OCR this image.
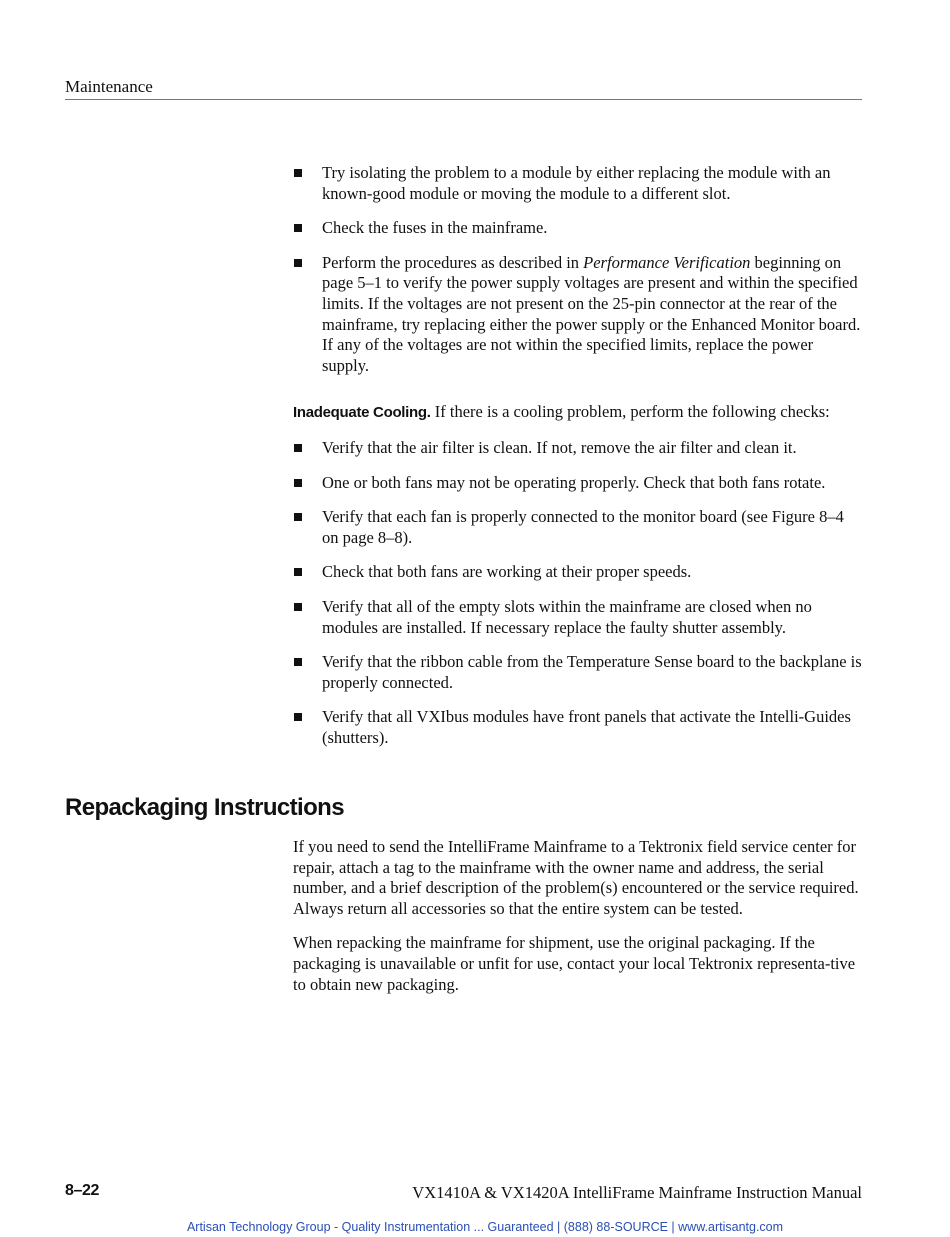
Maintenance
Try isolating the problem to a module by either replacing the module with an known-good module or moving the module to a different slot.
Check the fuses in the mainframe.
Perform the procedures as described in Performance Verification beginning on page 5–1 to verify the power supply voltages are present and within the specified limits. If the voltages are not present on the 25-pin connector at the rear of the mainframe, try replacing either the power supply or the Enhanced Monitor board. If any of the voltages are not within the specified limits, replace the power supply.
Inadequate Cooling. If there is a cooling problem, perform the following checks:
Verify that the air filter is clean. If not, remove the air filter and clean it.
One or both fans may not be operating properly. Check that both fans rotate.
Verify that each fan is properly connected to the monitor board (see Figure 8–4 on page 8–8).
Check that both fans are working at their proper speeds.
Verify that all of the empty slots within the mainframe are closed when no modules are installed. If necessary replace the faulty shutter assembly.
Verify that the ribbon cable from the Temperature Sense board to the backplane is properly connected.
Verify that all VXIbus modules have front panels that activate the Intelli-Guides (shutters).
Repackaging Instructions

If you need to send the IntelliFrame Mainframe to a Tektronix field service center for repair, attach a tag to the mainframe with the owner name and address, the serial number, and a brief description of the problem(s) encountered or the service required. Always return all accessories so that the entire system can be tested.

When repacking the mainframe for shipment, use the original packaging. If the packaging is unavailable or unfit for use, contact your local Tektronix representa-tive to obtain new packaging.

8–22	VX1410A & VX1420A IntelliFrame Mainframe Instruction Manual
Artisan Technology Group - Quality Instrumentation ... Guaranteed | (888) 88-SOURCE | www.artisantg.com
